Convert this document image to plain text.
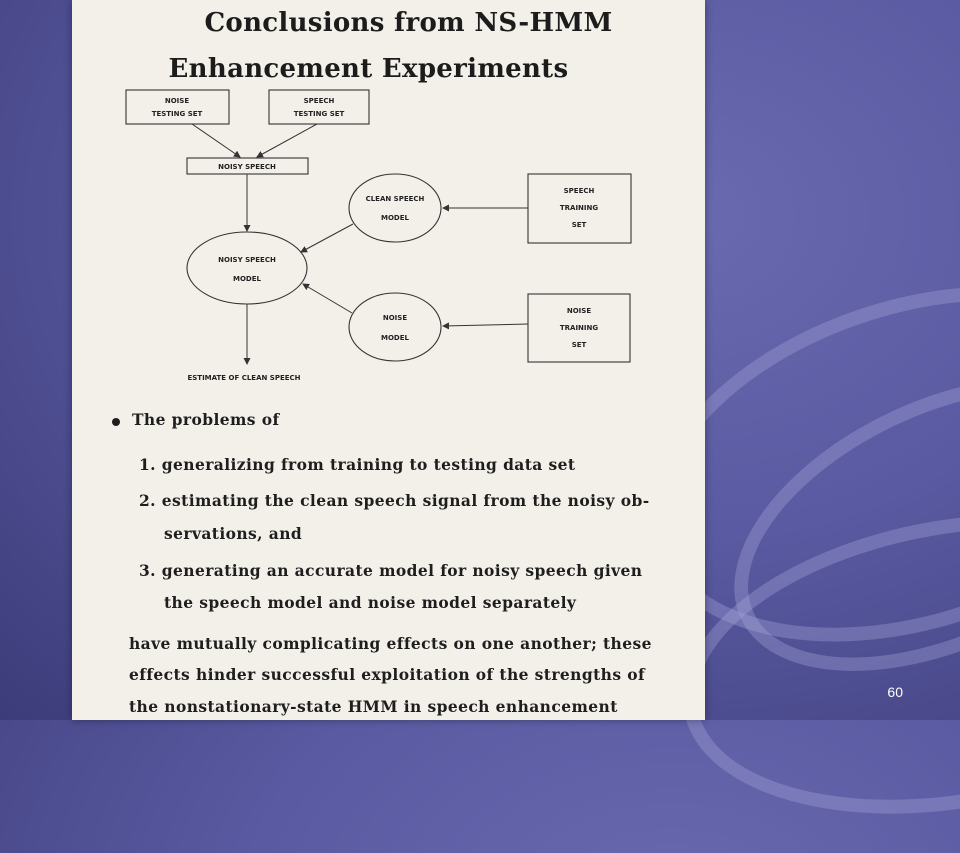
Conclusions from NS-HMM
Enhancement Experiments
NOISE
TESTING SET
SPEECH
TESTING SET
NOISY SPEECH
CLEAN SPEECH
MODEL
NOISY SPEECH
MODEL
NOISE
MODEL
SPEECH
TRAINING
SET
NOISE
TRAINING
SET
ESTIMATE OF CLEAN SPEECH
The problems of
1. generalizing from training to testing data set
2. estimating the clean speech signal from the noisy ob-
servations, and
3. generating an accurate model for noisy speech given
the speech model and noise model separately
have mutually complicating effects on one another; these
effects hinder successful exploitation of the strengths of
the nonstationary-state HMM in speech enhancement
60
